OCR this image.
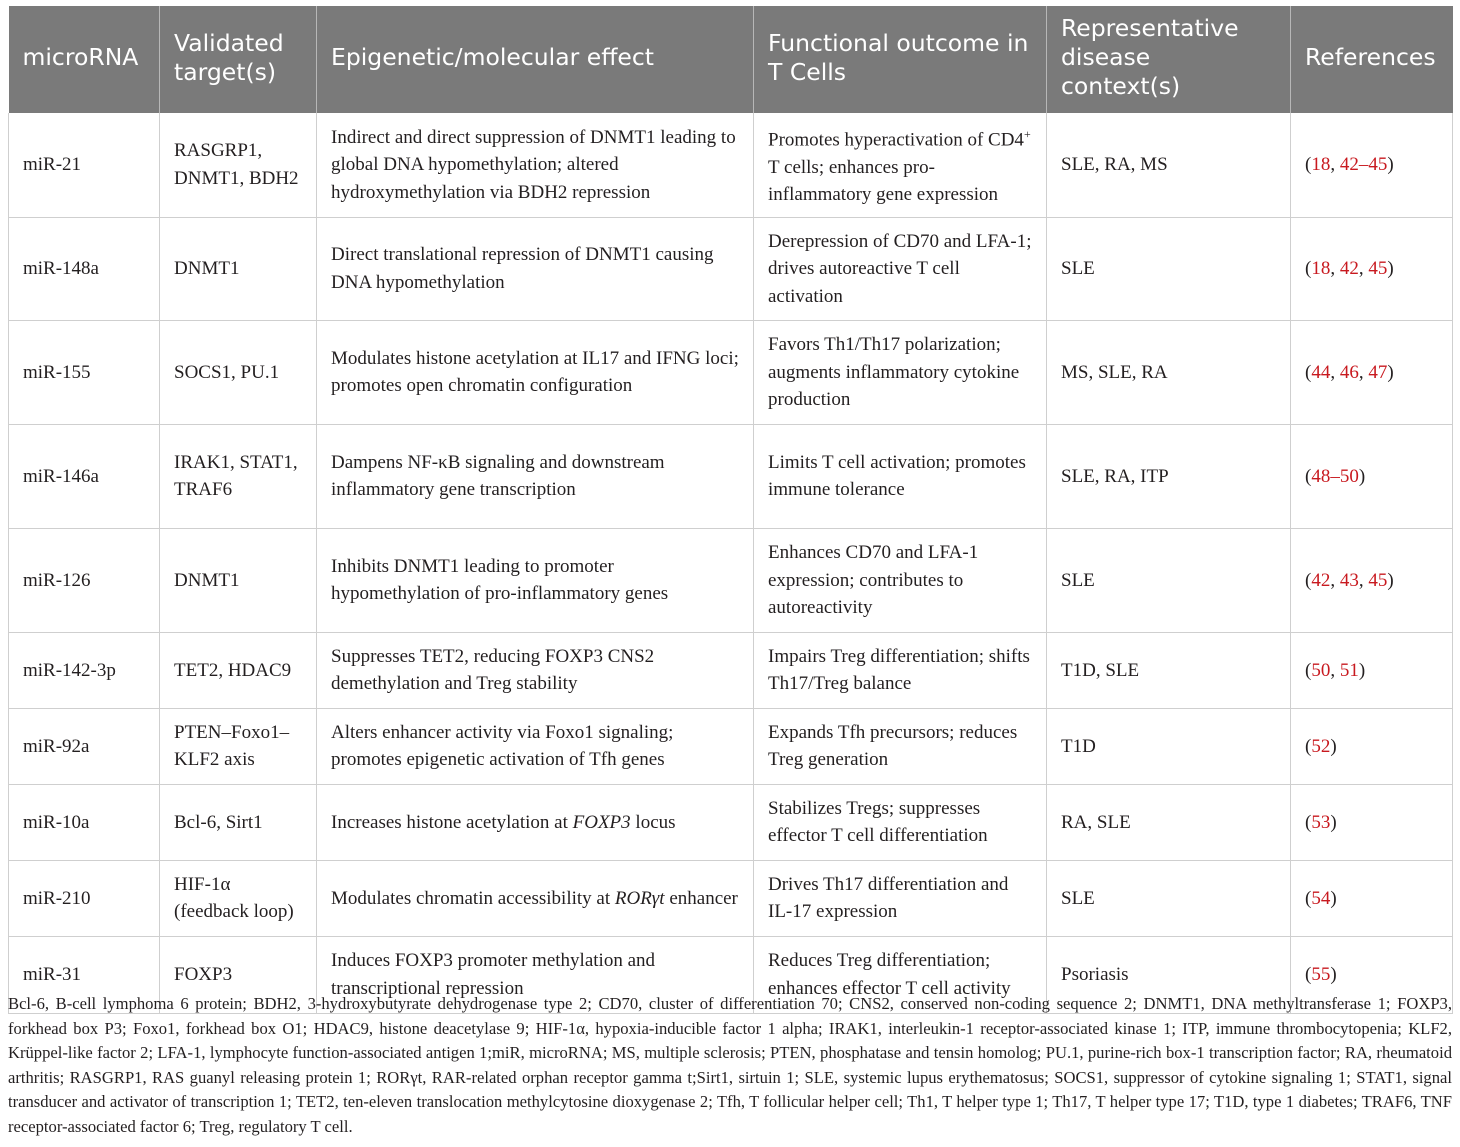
microRNA	Validated target(s)	Epigenetic/molecular effect	Functional outcome in T Cells	Representative disease context(s)	References
miR-21	RASGRP1, DNMT1, BDH2	Indirect and direct suppression of DNMT1 leading to global DNA hypomethylation; altered hydroxymethylation via BDH2 repression	Promotes hyperactivation of CD4+ T cells; enhances pro-inflammatory gene expression	SLE, RA, MS	(18, 42–45)
miR-148a	DNMT1	Direct translational repression of DNMT1 causing DNA hypomethylation	Derepression of CD70 and LFA-1; drives autoreactive T cell activation	SLE	(18, 42, 45)
miR-155	SOCS1, PU.1	Modulates histone acetylation at IL17 and IFNG loci; promotes open chromatin configuration	Favors Th1/Th17 polarization; augments inflammatory cytokine production	MS, SLE, RA	(44, 46, 47)
miR-146a	IRAK1, STAT1, TRAF6	Dampens NF-κB signaling and downstream inflammatory gene transcription	Limits T cell activation; promotes immune tolerance	SLE, RA, ITP	(48–50)
miR-126	DNMT1	Inhibits DNMT1 leading to promoter hypomethylation of pro-inflammatory genes	Enhances CD70 and LFA-1 expression; contributes to autoreactivity	SLE	(42, 43, 45)
miR-142-3p	TET2, HDAC9	Suppresses TET2, reducing FOXP3 CNS2 demethylation and Treg stability	Impairs Treg differentiation; shifts Th17/Treg balance	T1D, SLE	(50, 51)
miR-92a	PTEN–Foxo1–KLF2 axis	Alters enhancer activity via Foxo1 signaling; promotes epigenetic activation of Tfh genes	Expands Tfh precursors; reduces Treg generation	T1D	(52)
miR-10a	Bcl-6, Sirt1	Increases histone acetylation at FOXP3 locus	Stabilizes Tregs; suppresses effector T cell differentiation	RA, SLE	(53)
miR-210	HIF-1α (feedback loop)	Modulates chromatin accessibility at RORγt enhancer	Drives Th17 differentiation and IL-17 expression	SLE	(54)
miR-31	FOXP3	Induces FOXP3 promoter methylation and transcriptional repression	Reduces Treg differentiation; enhances effector T cell activity	Psoriasis	(55)
Bcl-6, B-cell lymphoma 6 protein; BDH2, 3-hydroxybutyrate dehydrogenase type 2; CD70, cluster of differentiation 70; CNS2, conserved non-coding sequence 2; DNMT1, DNA methyltransferase 1; FOXP3, forkhead box P3; Foxo1, forkhead box O1; HDAC9, histone deacetylase 9; HIF-1α, hypoxia-inducible factor 1 alpha; IRAK1, interleukin-1 receptor-associated kinase 1; ITP, immune thrombocytopenia; KLF2, Krüppel-like factor 2; LFA-1, lymphocyte function-associated antigen 1;miR, microRNA; MS, multiple sclerosis; PTEN, phosphatase and tensin homolog; PU.1, purine-rich box-1 transcription factor; RA, rheumatoid arthritis; RASGRP1, RAS guanyl releasing protein 1; RORγt, RAR-related orphan receptor gamma t;Sirt1, sirtuin 1; SLE, systemic lupus erythematosus; SOCS1, suppressor of cytokine signaling 1; STAT1, signal transducer and activator of transcription 1; TET2, ten-eleven translocation methylcytosine dioxygenase 2; Tfh, T follicular helper cell; Th1, T helper type 1; Th17, T helper type 17; T1D, type 1 diabetes; TRAF6, TNF receptor-associated factor 6; Treg, regulatory T cell.
